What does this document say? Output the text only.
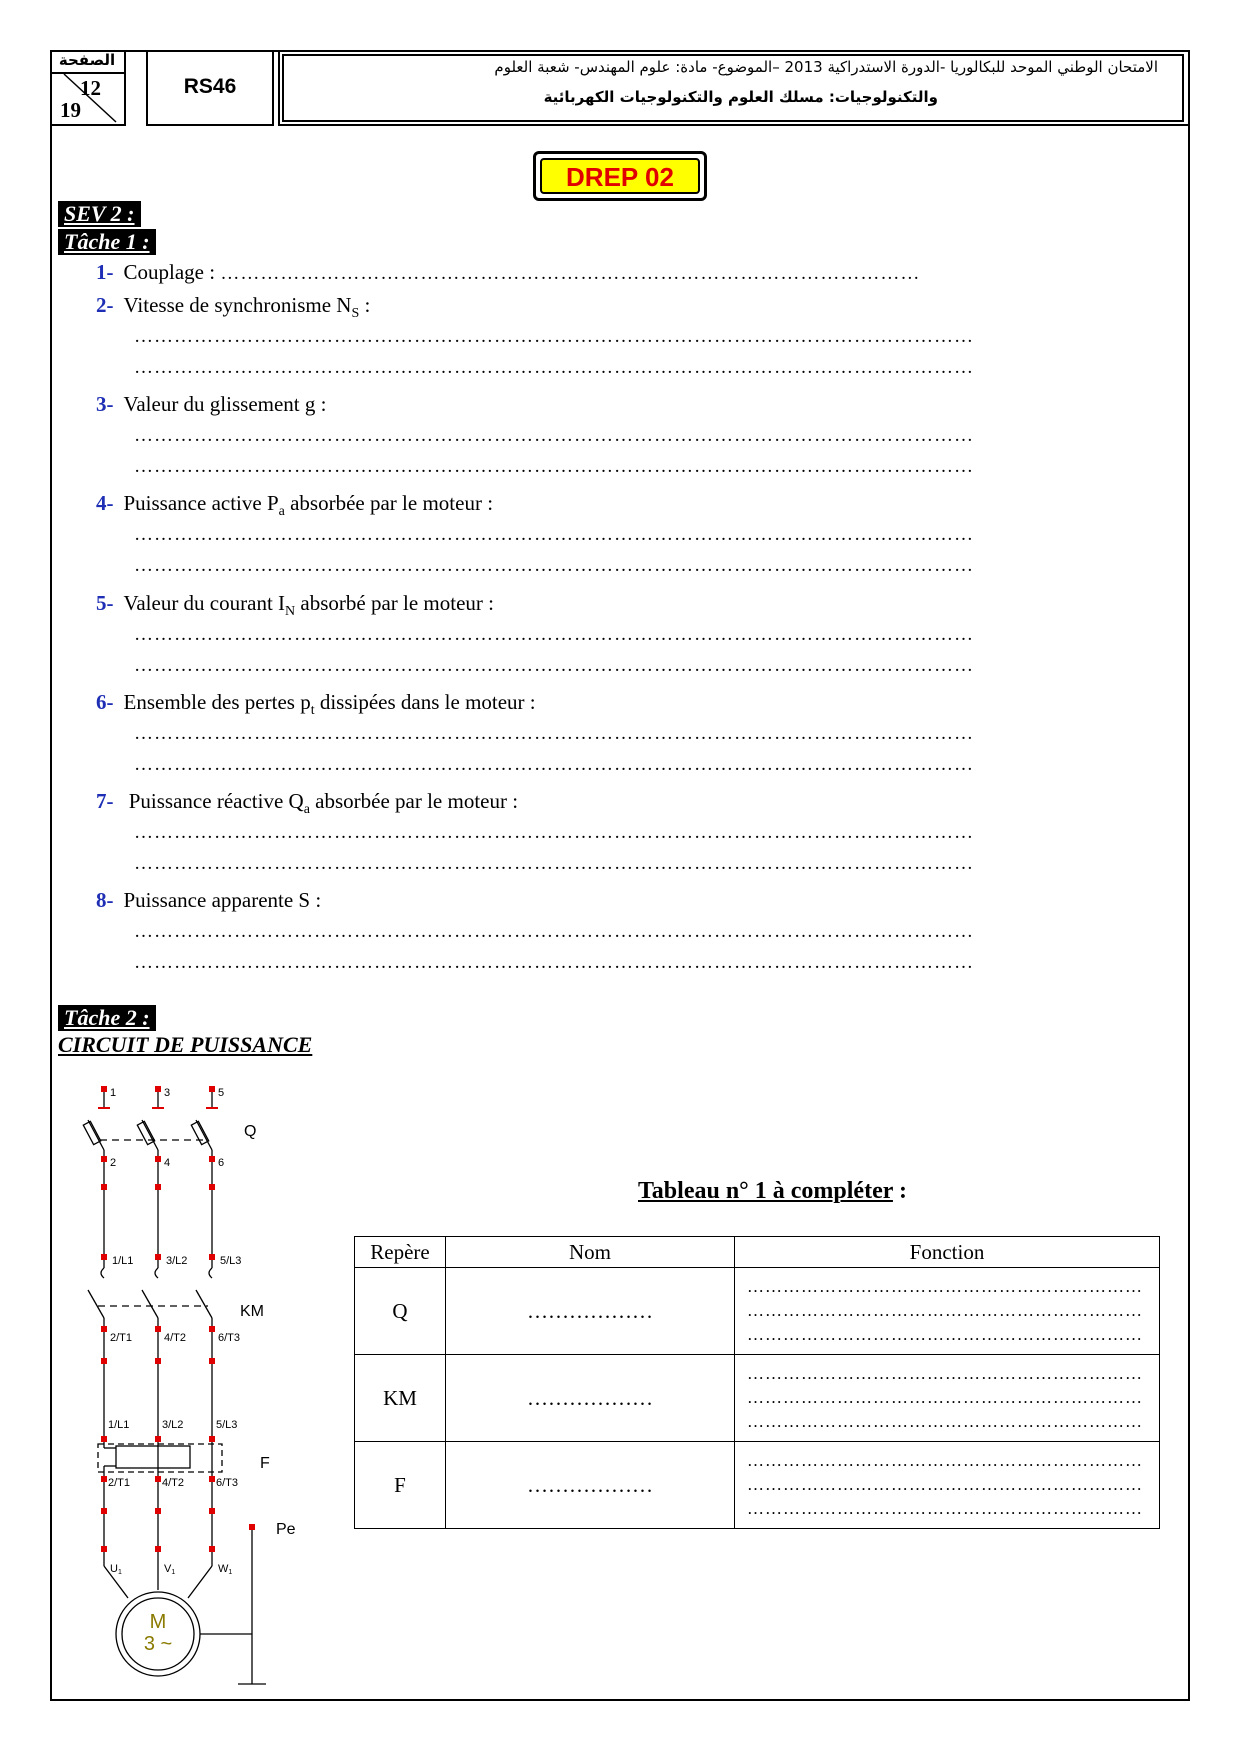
الصفحة
12
19
RS46
الامتحان الوطني الموحد للبكالوريا -الدورة الاستدراكية 2013 –الموضوع- مادة: علوم المهندس- شعبة العلوم
والتكنولوجيات: مسلك العلوم والتكنولوجيات الكهربائية
DREP 02
SEV 2 :
Tâche 1 :
1- Couplage : ……………………………………………………………………………………………
2- Vitesse de synchronisme $N_S$ :
………………………………………………………………………………………………………………
………………………………………………………………………………………………………………
3- Valeur du glissement g :
………………………………………………………………………………………………………………
………………………………………………………………………………………………………………
4- Puissance active $P_a$ absorbée par le moteur :
………………………………………………………………………………………………………………
………………………………………………………………………………………………………………
5- Valeur du courant $I_N$ absorbé par le moteur :
………………………………………………………………………………………………………………
………………………………………………………………………………………………………………
6- Ensemble des pertes $p_t$ dissipées dans le moteur :
………………………………………………………………………………………………………………
………………………………………………………………………………………………………………
7- Puissance réactive $Q_a$ absorbée par le moteur :
………………………………………………………………………………………………………………
………………………………………………………………………………………………………………
8- Puissance apparente S :
………………………………………………………………………………………………………………
………………………………………………………………………………………………………………
Tâche 2 :
CIRCUIT DE PUISSANCE
1	3	5
2	4	6
1/L1	3/L2	5/L3
2/T1	4/T2	6/T3
1/L1	3/L2	5/L3
2/T1	4/T2	6/T3
U1	V1	W1
Q
KM
F
Pe
M
3 ~
Tableau n° 1 à compléter :
Repère	Nom	Fonction
Q	………………	…………………………………………………………
…………………………………………………………
…………………………………………………………

KM	………………	…………………………………………………………
…………………………………………………………
…………………………………………………………

F	………………	…………………………………………………………
…………………………………………………………
…………………………………………………………
